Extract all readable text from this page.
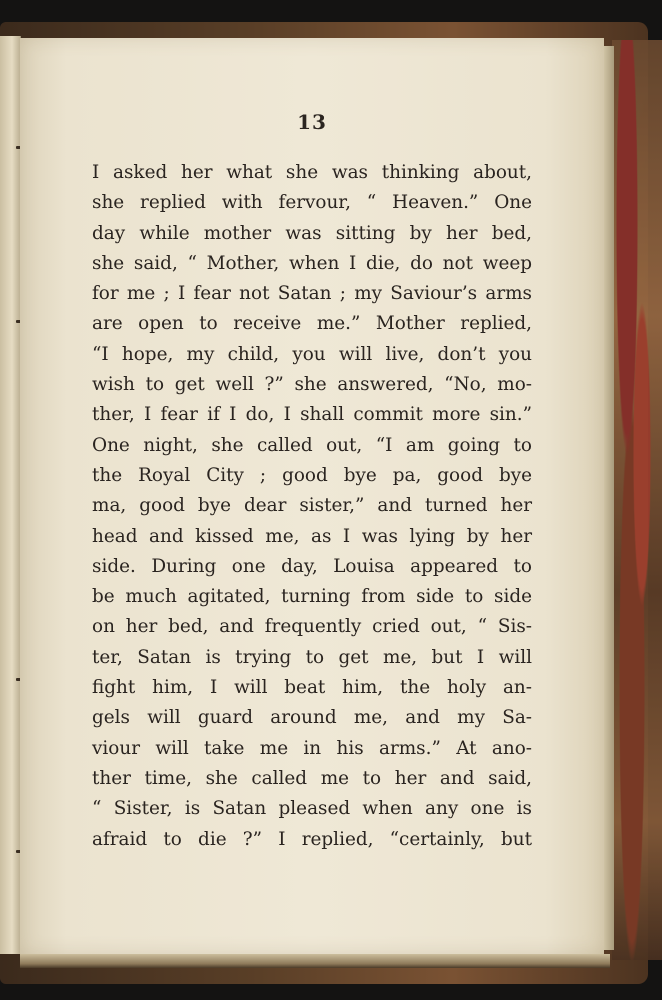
13
I asked her what she was thinking about,
she replied with fervour, “ Heaven.” One
day while mother was sitting by her bed,
she said, “ Mother, when I die, do not weep
for me ; I fear not Satan ; my Saviour’s arms
are open to receive me.” Mother replied,
“I hope, my child, you will live, don’t you
wish to get well ?” she answered, “No, mo-
ther, I fear if I do, I shall commit more sin.”
One night, she called out, “I am going to
the Royal City ; good bye pa, good bye
ma, good bye dear sister,” and turned her
head and kissed me, as I was lying by her
side. During one day, Louisa appeared to
be much agitated, turning from side to side
on her bed, and frequently cried out, “ Sis-
ter, Satan is trying to get me, but I will
fight him, I will beat him, the holy an-
gels will guard around me, and my Sa-
viour will take me in his arms.” At ano-
ther time, she called me to her and said,
“ Sister, is Satan pleased when any one is
afraid to die ?” I replied, “certainly, but
